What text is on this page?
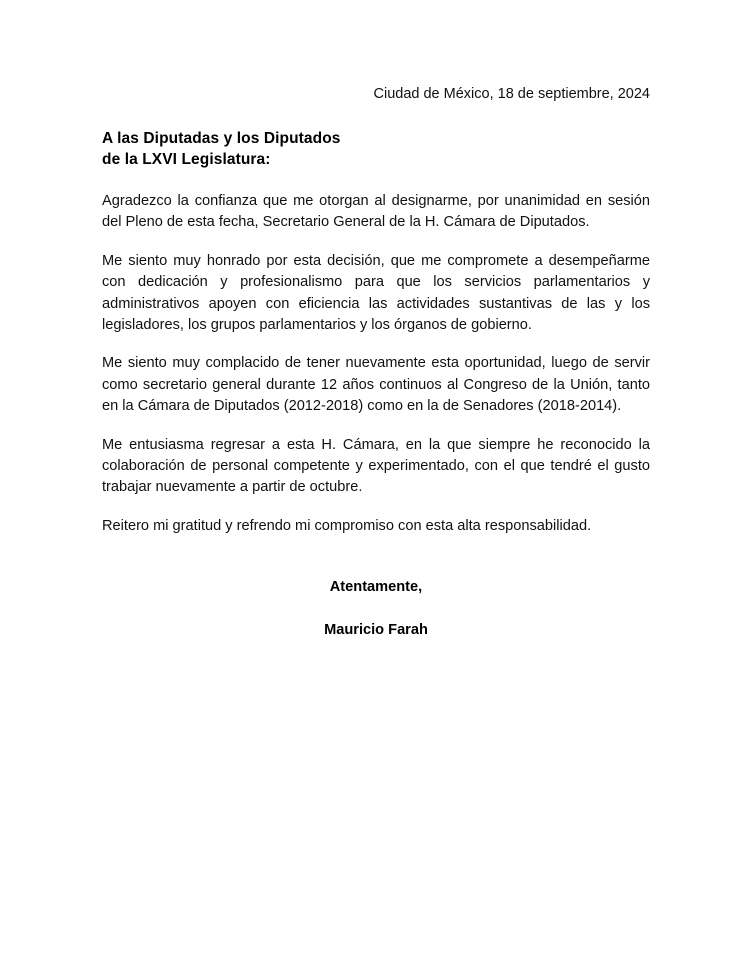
Ciudad de México, 18 de septiembre, 2024
A las Diputadas y los Diputados
de la LXVI Legislatura:

Agradezco la confianza que me otorgan al designarme, por unanimidad en sesión del Pleno de esta fecha, Secretario General de la H. Cámara de Diputados.

Me siento muy honrado por esta decisión, que me compromete a desempeñarme con dedicación y profesionalismo para que los servicios parlamentarios y administrativos apoyen con eficiencia las actividades sustantivas de las y los legisladores, los grupos parlamentarios y los órganos de gobierno.

Me siento muy complacido de tener nuevamente esta oportunidad, luego de servir como secretario general durante 12 años continuos al Congreso de la Unión, tanto en la Cámara de Diputados (2012-2018) como en la de Senadores (2018-2014).

Me entusiasma regresar a esta H. Cámara, en la que siempre he reconocido la colaboración de personal competente y experimentado, con el que tendré el gusto trabajar nuevamente a partir de octubre.

Reitero mi gratitud y refrendo mi compromiso con esta alta responsabilidad.

Atentamente,
Mauricio Farah
